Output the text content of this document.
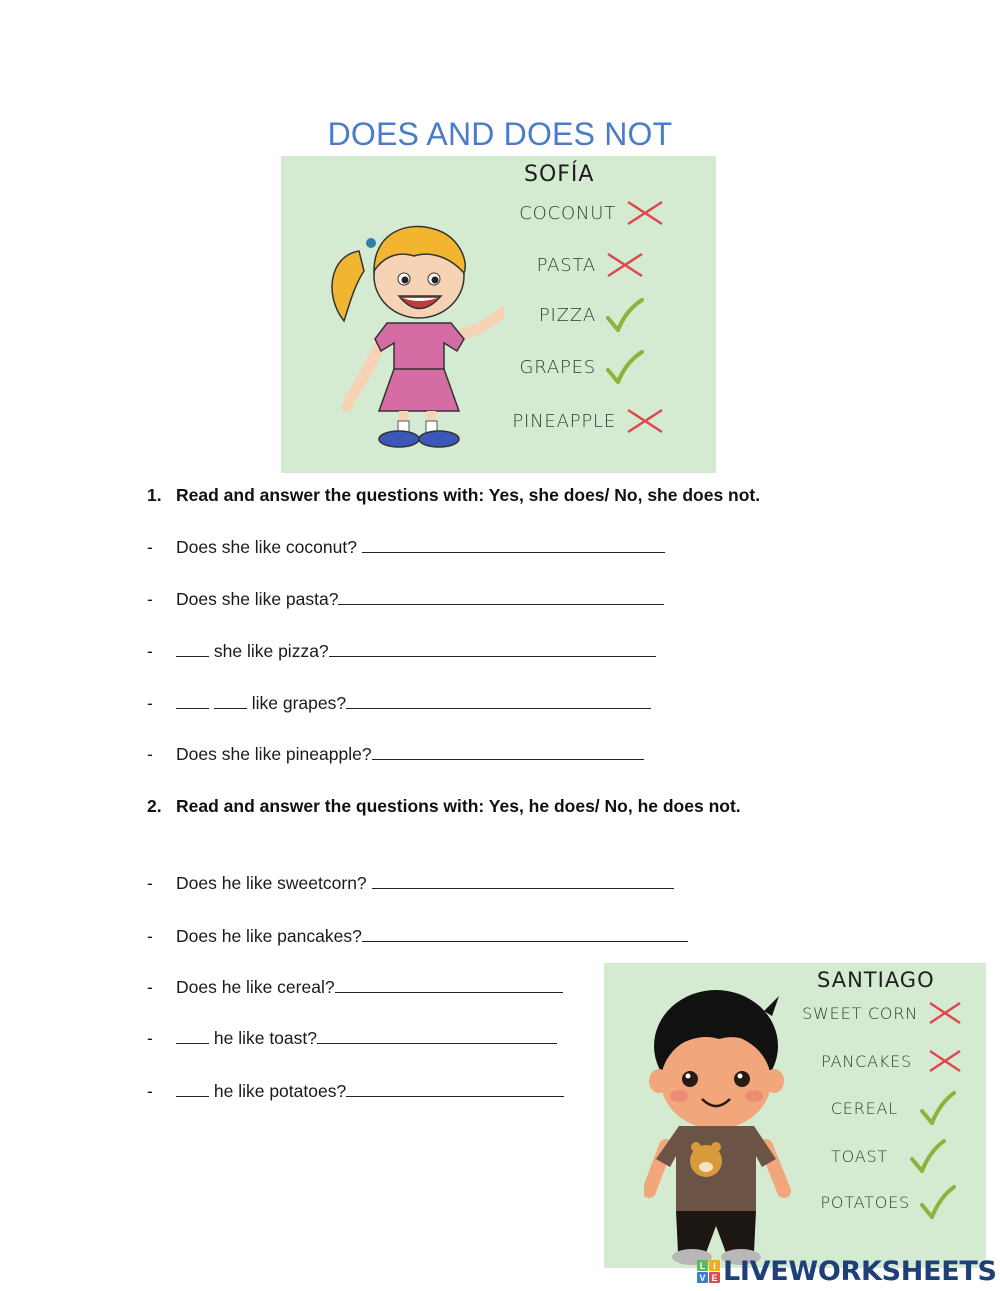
DOES AND DOES NOT
SOFÍA
COCONUT
PASTA
PIZZA
GRAPES
PINEAPPLE
1. Read and answer the questions with: Yes, she does/ No, she does not.
- Does she like coconut?
- Does she like pasta?
-	she like pizza?
-	like grapes?
- Does she like pineapple?
2. Read and answer the questions with: Yes, he does/ No, he does not.
- Does he like sweetcorn?
- Does he like pancakes?
- Does he like cereal?
-	he like toast?
-	he like potatoes?
SANTIAGO
SWEET CORN
PANCAKES
CEREAL
TOAST
POTATOES
L I
V E LIVEWORKSHEETS
